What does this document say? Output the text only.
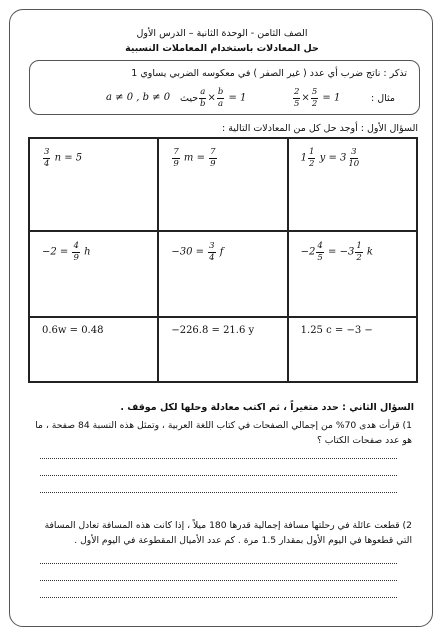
الصف الثامن - الوحدة الثانية – الدرس الأول
حل المعادلات باستخدام المعاملات النسبية
تذكر : ناتج ضرب أي عدد ( غير الصفر ) في معكوسه الضربي يساوي 1
مثال :
$\frac{2}{5} \times \frac{5}{2} = 1$
حيث $\frac{a}{b} \times \frac{b}{a} = 1$
a ≠ 0 , b ≠ 0
السؤال الأول : أوجد حل كل من المعادلات التالية :
$\frac{3}{4}$ n = 5	$\frac{7}{9}$ $m = \frac{7}{9}$	$1 \frac{1}{2}$ $y = 3 \frac{3}{10}$
$-2 = \frac{4}{9}$ h	$-30 = \frac{3}{4}$ f	$-2 \frac{4}{5} = -3 \frac{1}{2}$ k
0.6w = 0.48	−226.8 = 21.6 y	1.25 c = −3 −
السؤال الثاني : حدد متغيراً ، ثم اكتب معادلة وحلها لكل موقف .
1) قرأت هدى 70% من إجمالي الصفحات في كتاب اللغة العربية ، وتمثل هذه النسبة 84 صفحة ، ما هو عدد صفحات الكتاب ؟
2) قطعت عائلة في رحلتها مسافة إجمالية قدرها 180 ميلاً ، إذا كانت هذه المسافة تعادل المسافة التي قطعوها في اليوم الأول بمقدار 1.5 مرة . كم عدد الأميال المقطوعة في اليوم الأول .
